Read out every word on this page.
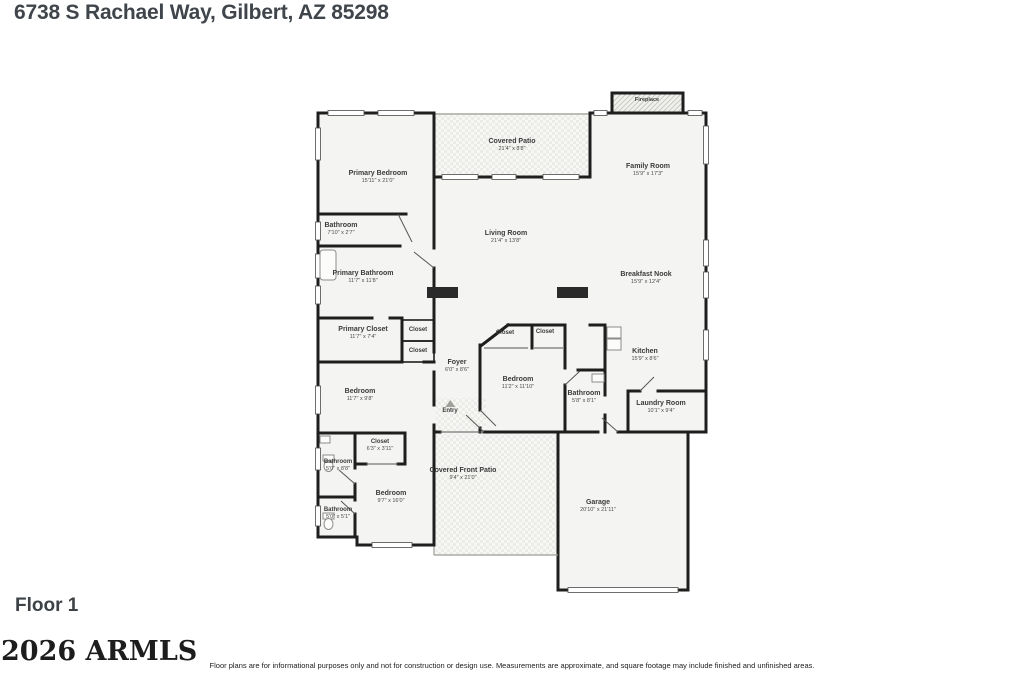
6738 S Rachael Way, Gilbert, AZ 85298
Fireplace
Covered Patio
21'4" x 8'8"
Primary Bedroom
15'11" x 21'0"
Family Room
15'9" x 17'3"
Bathroom
7'10" x 2'7"	Living Room
21'4" x 13'8"
Primary Bathroom
11'7" x 11'8"
Breakfast Nook
15'9" x 12'4"
Primary Closet
11'7" x 7'4"
Closet
Closet
Closet	Closet
Foyer
6'0" x 8'6"
Kitchen
15'9" x 8'6"
Bedroom
11'2" x 11'10"
Bathroom
5'8" x 8'1"
Bedroom
11'7" x 9'8"
Laundry Room
10'1" x 9'4"
Entry
Closet
6'3" x 3'11"
Bathroom
5'0" x 8'8"	Covered Front Patio
9'4" x 21'0"
Bedroom
9'7" x 16'0"
Bathroom
5'0" x 5'1"
Garage
20'10" x 21'11"
Floor 1
2026 ARMLS	Floor plans are for informational purposes only and not for construction or design use. Measurements are approximate, and square footage may include finished and unfinished areas.
